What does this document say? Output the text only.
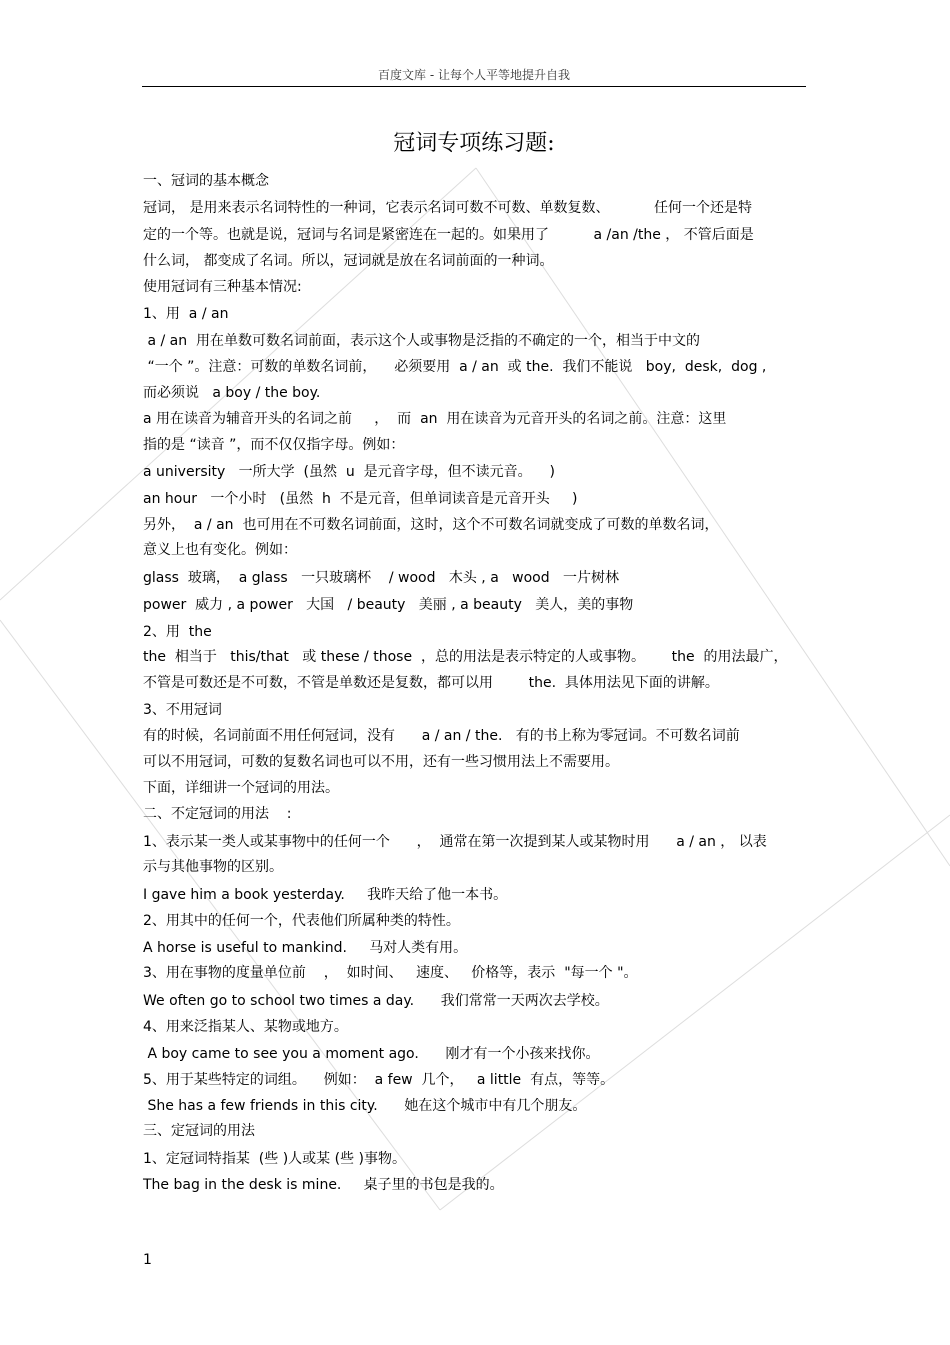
百度文库 - 让每个人平等地提升自我
冠词专项练习题:
一、冠词的基本概念
冠词， 是用来表示名词特性的一种词，它表示名词可数不可数、单数复数、          任何一个还是特
定的一个等。也就是说，冠词与名词是紧密连在一起的。如果用了          a /an /the ， 不管后面是
什么词， 都变成了名词。所以，冠词就是放在名词前面的一种词。
使用冠词有三种基本情况:
1、用  a / an
a / an  用在单数可数名词前面，表示这个人或事物是泛指的不确定的一个，相当于中文的
“一个 ”。注意：可数的单数名词前，    必须要用  a / an  或 the.  我们不能说   boy,  desk,  dog ,
而必须说   a boy / the boy.
a 用在读音为辅音开头的名词之前     ，  而  an  用在读音为元音开头的名词之前。注意：这里
指的是 “读音 ”，而不仅仅指字母。例如：
a university   一所大学  (虽然  u  是元音字母，但不读元音。    )
an hour   一个小时   (虽然  h  不是元音，但单词读音是元音开头     )
另外，  a / an  也可用在不可数名词前面，这时，这个不可数名词就变成了可数的单数名词，
意义上也有变化。例如：
glass  玻璃，  a glass   一只玻璃杯    / wood   木头 , a   wood   一片树林
power  威力 , a power   大国   / beauty   美丽 , a beauty   美人，美的事物
2、用  the
the  相当于   this/that   或 these / those  ，总的用法是表示特定的人或事物。      the  的用法最广，
不管是可数还是不可数，不管是单数还是复数，都可以用        the.  具体用法见下面的讲解。
3、不用冠词
有的时候，名词前面不用任何冠词，没有      a / an / the.   有的书上称为零冠词。不可数名词前
可以不用冠词，可数的复数名词也可以不用，还有一些习惯用法上不需要用。
下面，详细讲一个冠词的用法。
二、不定冠词的用法    :
1、表示某一类人或某事物中的任何一个      ，  通常在第一次提到某人或某物时用      a / an ， 以表
示与其他事物的区别。
I gave him a book yesterday.     我昨天给了他一本书。
2、用其中的任何一个，代表他们所属种类的特性。
A horse is useful to mankind.     马对人类有用。
3、用在事物的度量单位前    ，  如时间、   速度、   价格等，表示  "每一个 "。
We often go to school two times a day.      我们常常一天两次去学校。
4、用来泛指某人、某物或地方。
A boy came to see you a moment ago.      刚才有一个小孩来找你。
5、用于某些特定的词组。    例如：  a few  几个，   a little  有点，等等。
She has a few friends in this city.      她在这个城市中有几个朋友。
三、定冠词的用法
1、定冠词特指某  (些 )人或某 (些 )事物。
The bag in the desk is mine.     桌子里的书包是我的。
1
